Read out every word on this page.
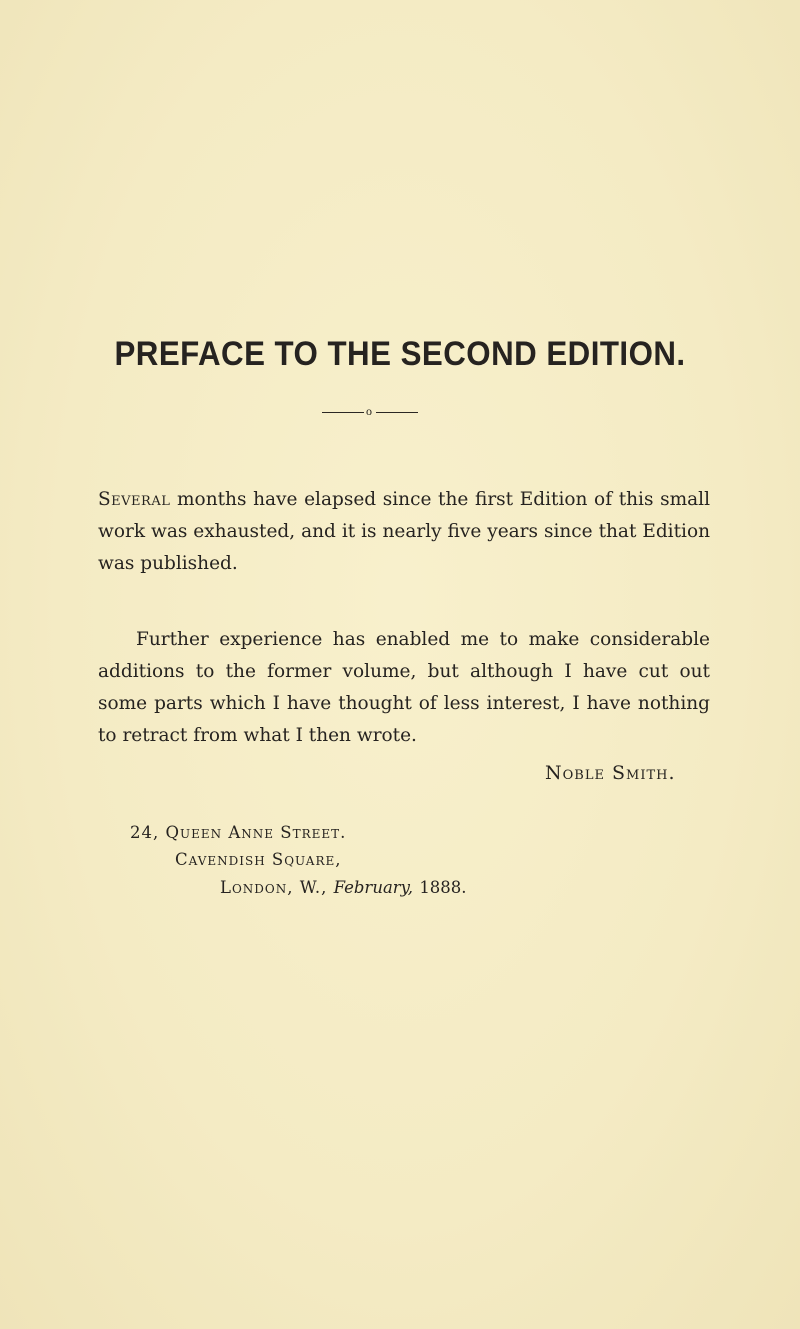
PREFACE TO THE SECOND EDITION.
o
Several months have elapsed since the first Edition of this small work was exhausted, and it is nearly five years since that Edition was published.
Further experience has enabled me to make considerable additions to the former volume, but although I have cut out some parts which I have thought of less interest, I have nothing to retract from what I then wrote.
Noble Smith.
24, Queen Anne Street.
Cavendish Square,
London, W., February, 1888.
